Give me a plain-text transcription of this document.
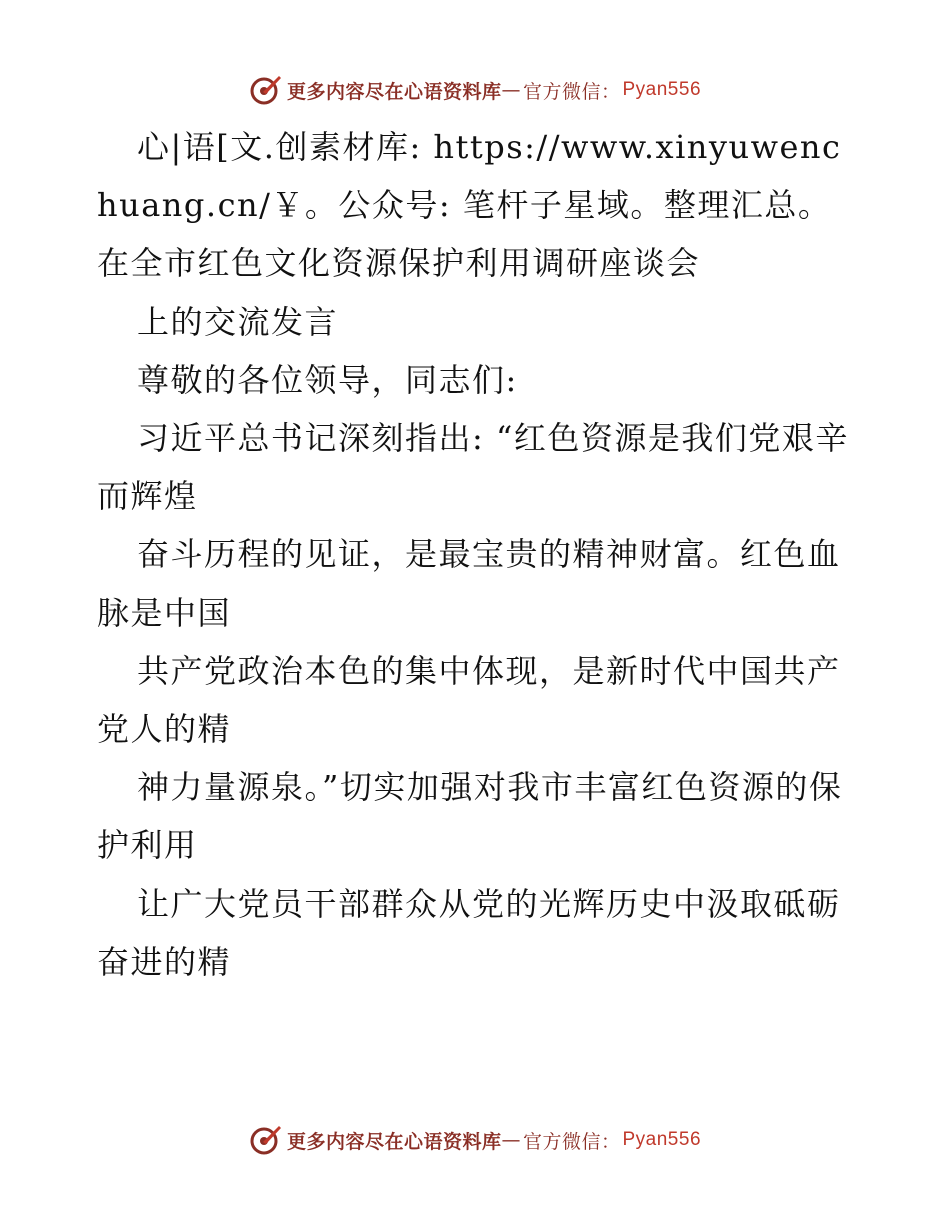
更多内容尽在心语资料库 — 官方微信： Pyan556

心|语[文.创素材库: https://www.xinyuwenchuang.cn/￥。公众号: 笔杆子星域。整理汇总。在全市红色文化资源保护利用调研座谈会

上的交流发言

尊敬的各位领导，同志们:

习近平总书记深刻指出: “红色资源是我们党艰辛而辉煌

奋斗历程的见证，是最宝贵的精神财富。红色血脉是中国

共产党政治本色的集中体现，是新时代中国共产党人的精

神力量源泉。”切实加强对我市丰富红色资源的保护利用

让广大党员干部群众从党的光辉历史中汲取砥砺奋进的精

更多内容尽在心语资料库 — 官方微信： Pyan556
